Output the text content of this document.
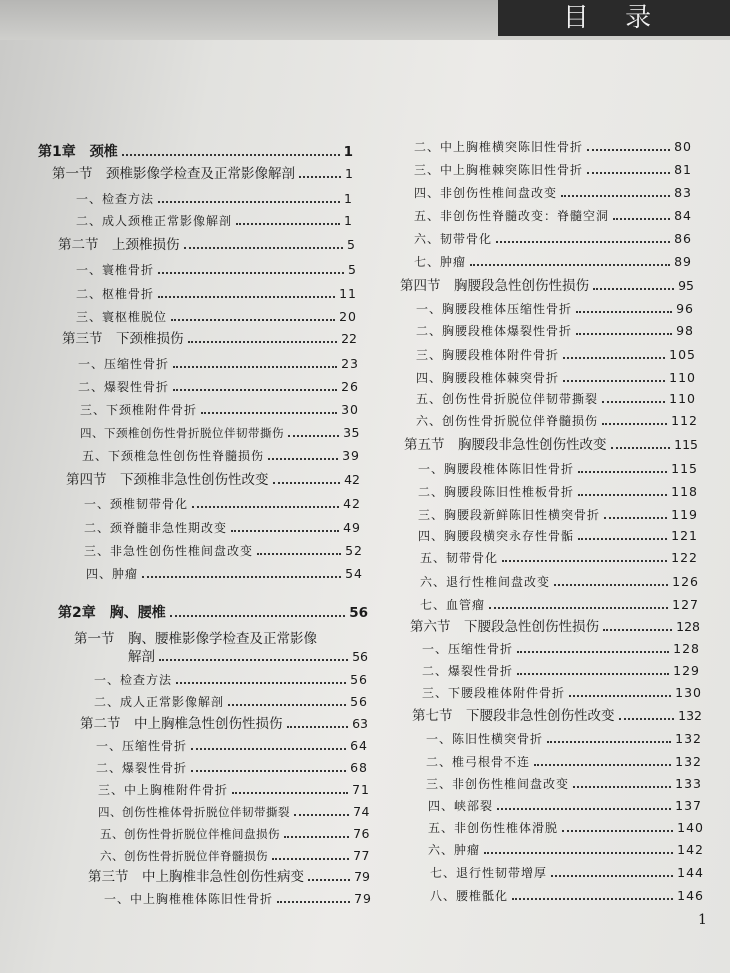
目 录
第1章　颈椎	1
第一节　颈椎影像学检查及正常影像解剖	1
一、检查方法	1
二、成人颈椎正常影像解剖	1
第二节　上颈椎损伤	5
一、寰椎骨折	5
二、枢椎骨折	11
三、寰枢椎脱位	20
第三节　下颈椎损伤	22
一、压缩性骨折	23
二、爆裂性骨折	26
三、下颈椎附件骨折	30
四、下颈椎创伤性骨折脱位伴韧带撕伤	35
五、下颈椎急性创伤性脊髓损伤	39
第四节　下颈椎非急性创伤性改变	42
一、颈椎韧带骨化	42
二、颈脊髓非急性期改变	49
三、非急性创伤性椎间盘改变	52
四、肿瘤	54
第2章　胸、腰椎	56
第一节　胸、腰椎影像学检查及正常影像
解剖	56
一、检查方法	56
二、成人正常影像解剖	56
第二节　中上胸椎急性创伤性损伤	63
一、压缩性骨折	64
二、爆裂性骨折	68
三、中上胸椎附件骨折	71
四、创伤性椎体骨折脱位伴韧带撕裂	74
五、创伤性骨折脱位伴椎间盘损伤	76
六、创伤性骨折脱位伴脊髓损伤	77
第三节　中上胸椎非急性创伤性病变	79
一、中上胸椎椎体陈旧性骨折	79
二、中上胸椎横突陈旧性骨折	80
三、中上胸椎棘突陈旧性骨折	81
四、非创伤性椎间盘改变	83
五、非创伤性脊髓改变：脊髓空洞	84
六、韧带骨化	86
七、肿瘤	89
第四节　胸腰段急性创伤性损伤	95
一、胸腰段椎体压缩性骨折	96
二、胸腰段椎体爆裂性骨折	98
三、胸腰段椎体附件骨折	105
四、胸腰段椎体棘突骨折	110
五、创伤性骨折脱位伴韧带撕裂	110
六、创伤性骨折脱位伴脊髓损伤	112
第五节　胸腰段非急性创伤性改变	115
一、胸腰段椎体陈旧性骨折	115
二、胸腰段陈旧性椎板骨折	118
三、胸腰段新鲜陈旧性横突骨折	119
四、胸腰段横突永存性骨骺	121
五、韧带骨化	122
六、退行性椎间盘改变	126
七、血管瘤	127
第六节　下腰段急性创伤性损伤	128
一、压缩性骨折	128
二、爆裂性骨折	129
三、下腰段椎体附件骨折	130
第七节　下腰段非急性创伤性改变	132
一、陈旧性横突骨折	132
二、椎弓根骨不连	132
三、非创伤性椎间盘改变	133
四、峡部裂	137
五、非创伤性椎体滑脱	140
六、肿瘤	142
七、退行性韧带增厚	144
八、腰椎骶化	146
1
